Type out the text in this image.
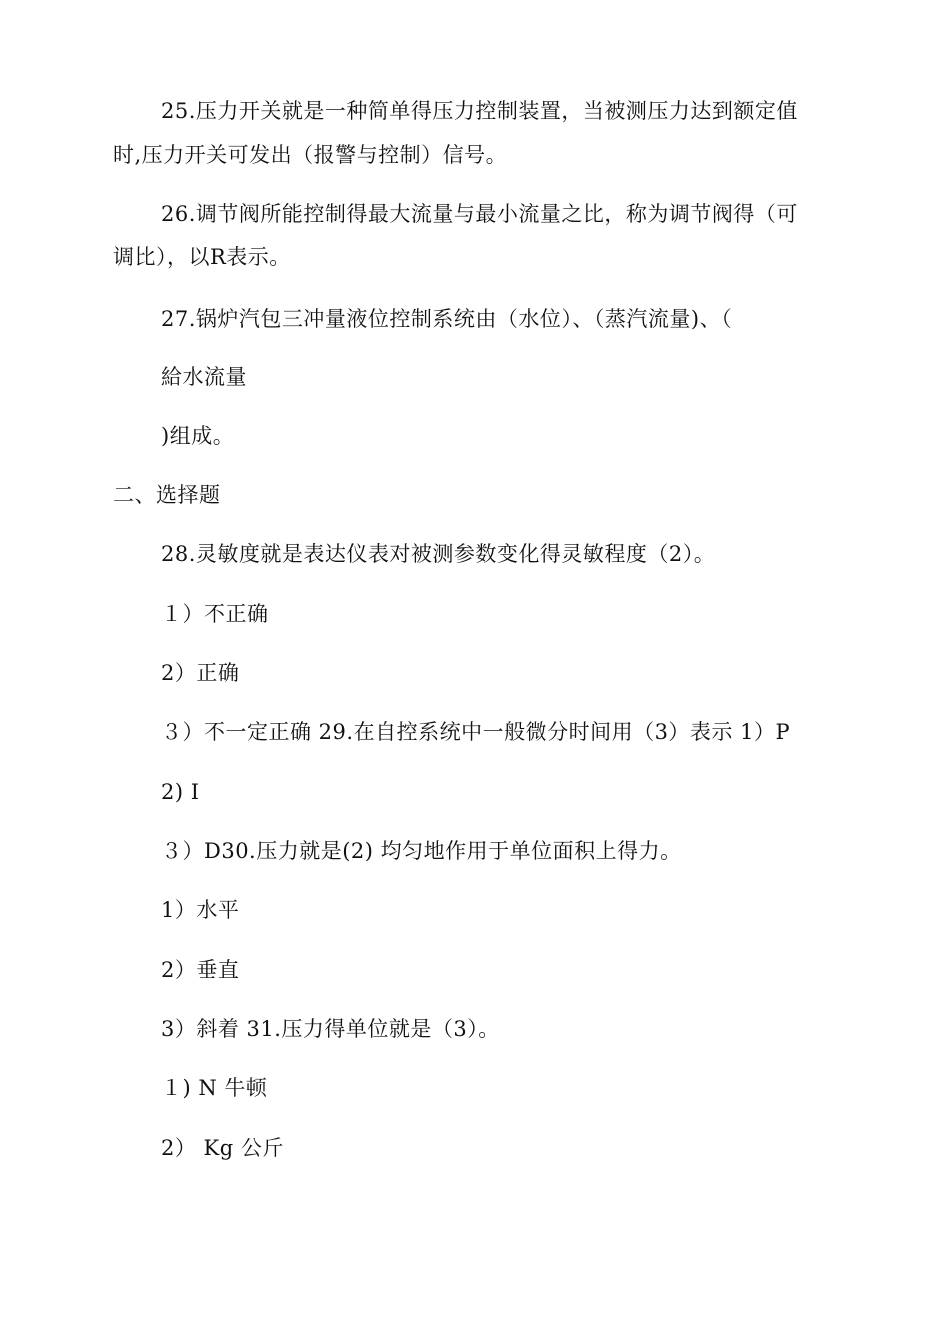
25.压力开关就是一种简单得压力控制装置，当被测压力达到额定值
时,压力开关可发出（报警与控制）信号。
26.调节阀所能控制得最大流量与最小流量之比，称为调节阀得（可
调比），以R表示。
27.锅炉汽包三冲量液位控制系统由（水位）、（蒸汽流量)、（
給水流量
)组成。
二、选择题
28.灵敏度就是表达仪表对被测参数变化得灵敏程度（2）。
１）不正确
2）正确
３）不一定正确 29.在自控系统中一般微分时间用（3）表示 1）P
2) I
３）D30.压力就是(2) 均匀地作用于单位面积上得力。
1）水平
2）垂直
3）斜着 31.压力得单位就是（3）。
１) N 牛顿
2） Kg 公斤
